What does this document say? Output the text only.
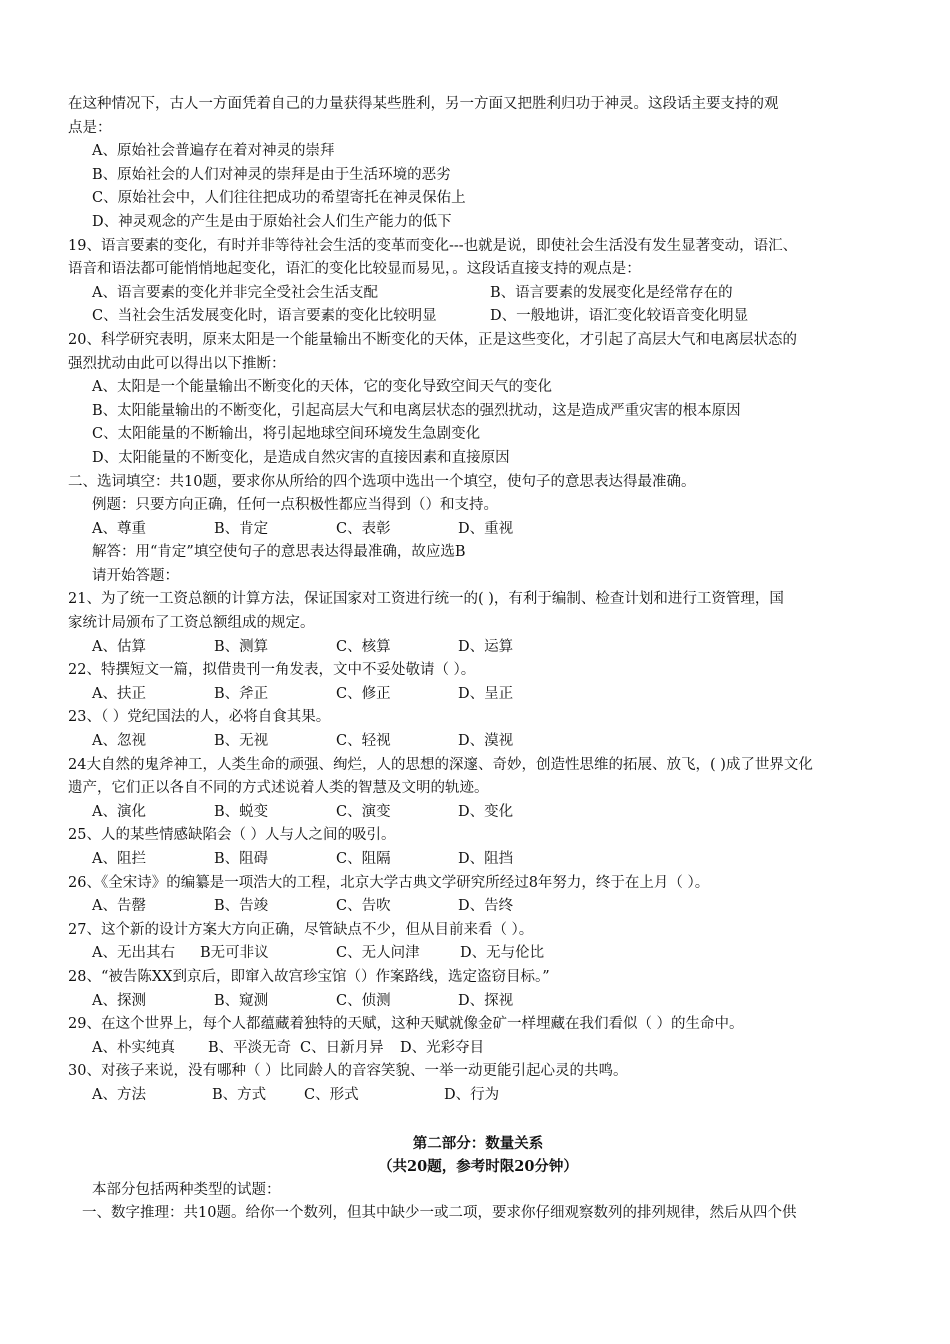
在这种情况下，古人一方面凭着自己的力量获得某些胜利，另一方面又把胜利归功于神灵。这段话主要支持的观
点是：
A、原始社会普遍存在着对神灵的崇拜
B、原始社会的人们对神灵的崇拜是由于生活环境的恶劣
C、原始社会中，人们往往把成功的希望寄托在神灵保佑上
D、神灵观念的产生是由于原始社会人们生产能力的低下
19、语言要素的变化，有时并非等待社会生活的变革而变化---也就是说，即使社会生活没有发生显著变动，语汇、
语音和语法都可能悄悄地起变化，语汇的变化比较显而易见，。这段话直接支持的观点是：
A、语言要素的变化并非完全受社会生活支配	B、语言要素的发展变化是经常存在的
C、当社会生活发展变化时，语言要素的变化比较明显	D、一般地讲，语汇变化较语音变化明显
20、科学研究表明，原来太阳是一个能量输出不断变化的天体，正是这些变化，才引起了高层大气和电离层状态的
强烈扰动由此可以得出以下推断：
A、太阳是一个能量输出不断变化的天体，它的变化导致空间天气的变化
B、太阳能量输出的不断变化，引起高层大气和电离层状态的强烈扰动，这是造成严重灾害的根本原因
C、太阳能量的不断输出，将引起地球空间环境发生急剧变化
D、太阳能量的不断变化，是造成自然灾害的直接因素和直接原因
二、选词填空：共10题，要求你从所给的四个选项中选出一个填空，使句子的意思表达得最准确。
例题：只要方向正确，任何一点积极性都应当得到（）和支持。
A、尊重	B、肯定	C、表彰	D、重视
解答：用“肯定”填空使句子的意思表达得最准确，故应选B
请开始答题：
21、为了统一工资总额的计算方法，保证国家对工资进行统一的( )，有利于编制、检查计划和进行工资管理，国
家统计局颁布了工资总额组成的规定。
A、估算	B、测算	C、核算	D、运算
22、特撰短文一篇，拟借贵刊一角发表，文中不妥处敬请（ ）。
A、扶正	B、斧正	C、修正	D、呈正
23、（ ）党纪国法的人，必将自食其果。
A、忽视	B、无视	C、轻视	D、漠视
24大自然的鬼斧神工，人类生命的顽强、绚烂，人的思想的深邃、奇妙，创造性思维的拓展、放飞，( )成了世界文化
遗产，它们正以各自不同的方式述说着人类的智慧及文明的轨迹。
A、演化	B、蜕变	C、演变	D、变化
25、人的某些情感缺陷会（ ）人与人之间的吸引。
A、阻拦	B、阻碍	C、阻隔	D、阻挡
26、《全宋诗》的编纂是一项浩大的工程，北京大学古典文学研究所经过8年努力，终于在上月（ ）。
A、告罄	B、告竣	C、告吹	D、告终
27、这个新的设计方案大方向正确，尽管缺点不少，但从目前来看（ ）。
A、无出其右	B无可非议	C、无人问津	D、无与伦比
28、“被告陈XX到京后，即窜入故宫珍宝馆（）作案路线，选定盗窃目标。”
A、探测	B、窥测	C、侦测	D、探视
29、在这个世界上，每个人都蕴藏着独特的天赋，这种天赋就像金矿一样埋藏在我们看似（ ）的生命中。
A、朴实纯真	B、平淡无奇 C、日新月异	D、光彩夺目
30、对孩子来说，没有哪种（ ）比同龄人的音容笑貌、一举一动更能引起心灵的共鸣。
A、方法	B、方式	C、形式	D、行为
第二部分：数量关系
（共20题，参考时限20分钟）
本部分包括两种类型的试题：
一、数字推理：共10题。给你一个数列，但其中缺少一或二项，要求你仔细观察数列的排列规律，然后从四个供
